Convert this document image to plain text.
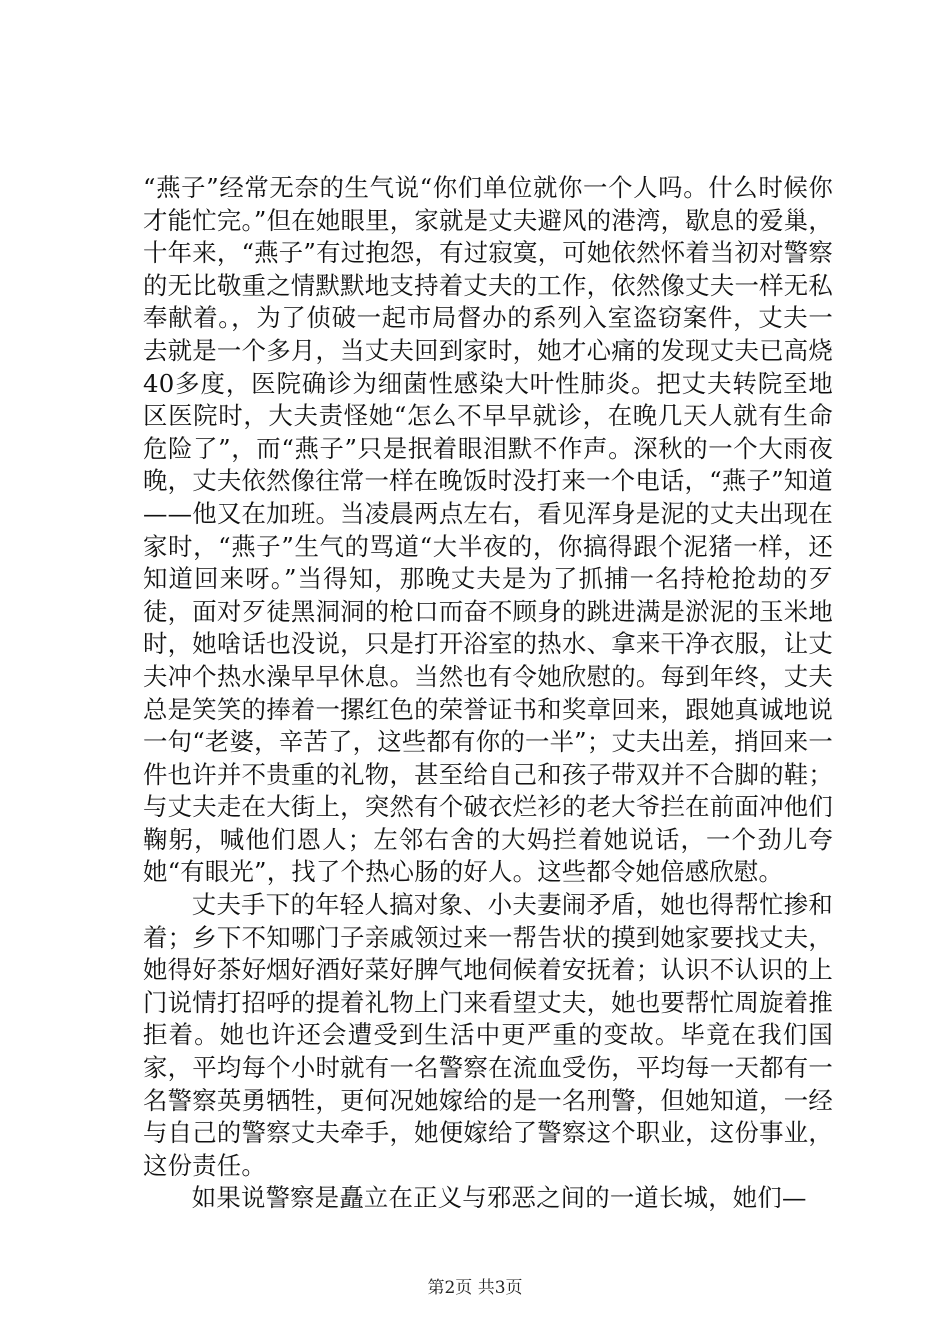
“燕子”经常无奈的生气说“你们单位就你一个人吗。什么时候你才能忙完。”但在她眼里，家就是丈夫避风的港湾，歇息的爱巢，十年来，“燕子”有过抱怨，有过寂寞，可她依然怀着当初对警察的无比敬重之情默默地支持着丈夫的工作，依然像丈夫一样无私奉献着。，为了侦破一起市局督办的系列入室盗窃案件，丈夫一去就是一个多月，当丈夫回到家时，她才心痛的发现丈夫已高烧40多度，医院确诊为细菌性感染大叶性肺炎。把丈夫转院至地区医院时，大夫责怪她“怎么不早早就诊，在晚几天人就有生命危险了”，而“燕子”只是抿着眼泪默不作声。深秋的一个大雨夜晚，丈夫依然像往常一样在晚饭时没打来一个电话，“燕子”知道——他又在加班。当凌晨两点左右，看见浑身是泥的丈夫出现在家时，“燕子”生气的骂道“大半夜的，你搞得跟个泥猪一样，还知道回来呀。”当得知，那晚丈夫是为了抓捕一名持枪抢劫的歹徒，面对歹徒黑洞洞的枪口而奋不顾身的跳进满是淤泥的玉米地时，她啥话也没说，只是打开浴室的热水、拿来干净衣服，让丈夫冲个热水澡早早休息。当然也有令她欣慰的。每到年终，丈夫总是笑笑的捧着一摞红色的荣誉证书和奖章回来，跟她真诚地说一句“老婆，辛苦了，这些都有你的一半”；丈夫出差，捎回来一件也许并不贵重的礼物，甚至给自己和孩子带双并不合脚的鞋；与丈夫走在大街上，突然有个破衣烂衫的老大爷拦在前面冲他们鞠躬，喊他们恩人；左邻右舍的大妈拦着她说话，一个劲儿夸她“有眼光”，找了个热心肠的好人。这些都令她倍感欣慰。

丈夫手下的年轻人搞对象、小夫妻闹矛盾，她也得帮忙掺和着；乡下不知哪门子亲戚领过来一帮告状的摸到她家要找丈夫，她得好茶好烟好酒好菜好脾气地伺候着安抚着；认识不认识的上门说情打招呼的提着礼物上门来看望丈夫，她也要帮忙周旋着推拒着。她也许还会遭受到生活中更严重的变故。毕竟在我们国家，平均每个小时就有一名警察在流血受伤，平均每一天都有一名警察英勇牺牲，更何况她嫁给的是一名刑警，但她知道，一经与自己的警察丈夫牵手，她便嫁给了警察这个职业，这份事业，这份责任。

如果说警察是矗立在正义与邪恶之间的一道长城，她们—

第2页 共3页
